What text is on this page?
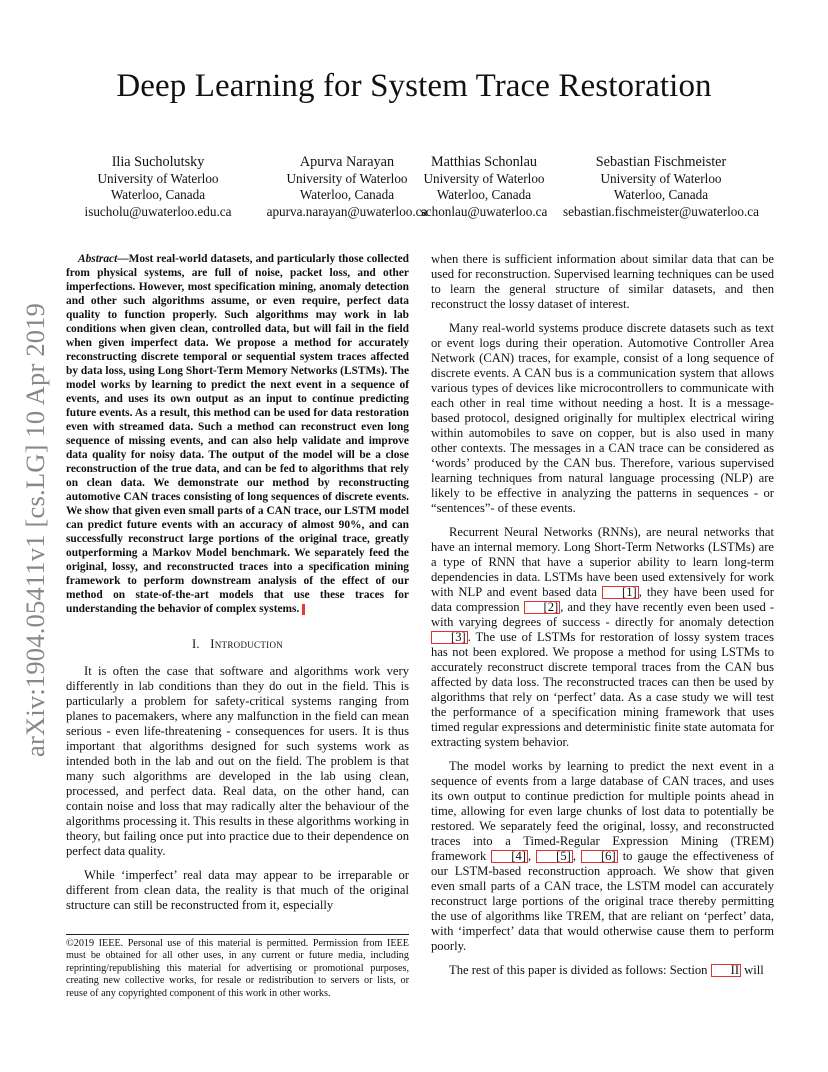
Deep Learning for System Trace Restoration
Ilia Sucholutsky
University of Waterloo
Waterloo, Canada
isucholu@uwaterloo.edu.ca
Apurva Narayan
University of Waterloo
Waterloo, Canada
apurva.narayan@uwaterloo.ca
Matthias Schonlau
University of Waterloo
Waterloo, Canada
schonlau@uwaterloo.ca
Sebastian Fischmeister
University of Waterloo
Waterloo, Canada
sebastian.fischmeister@uwaterloo.ca
arXiv:1904.05411v1 [cs.LG] 10 Apr 2019

Abstract—Most real-world datasets, and particularly those collected from physical systems, are full of noise, packet loss, and other imperfections. However, most specification mining, anomaly detection and other such algorithms assume, or even require, perfect data quality to function properly. Such algorithms may work in lab conditions when given clean, controlled data, but will fail in the field when given imperfect data. We propose a method for accurately reconstructing discrete temporal or sequential system traces affected by data loss, using Long Short-Term Memory Networks (LSTMs). The model works by learning to predict the next event in a sequence of events, and uses its own output as an input to continue predicting future events. As a result, this method can be used for data restoration even with streamed data. Such a method can reconstruct even long sequence of missing events, and can also help validate and improve data quality for noisy data. The output of the model will be a close reconstruction of the true data, and can be fed to algorithms that rely on clean data. We demonstrate our method by reconstructing automotive CAN traces consisting of long sequences of discrete events. We show that given even small parts of a CAN trace, our LSTM model can predict future events with an accuracy of almost 90%, and can successfully reconstruct large portions of the original trace, greatly outperforming a Markov Model benchmark. We separately feed the original, lossy, and reconstructed traces into a specification mining framework to perform downstream analysis of the effect of our method on state-of-the-art models that use these traces for understanding the behavior of complex systems.

I. Introduction

It is often the case that software and algorithms work very differently in lab conditions than they do out in the field. This is particularly a problem for safety-critical systems ranging from planes to pacemakers, where any malfunction in the field can mean serious - even life-threatening - consequences for users. It is thus important that algorithms designed for such systems work as intended both in the lab and out on the field. The problem is that many such algorithms are developed in the lab using clean, processed, and perfect data. Real data, on the other hand, can contain noise and loss that may radically alter the behaviour of the algorithms processing it. This results in these algorithms working in theory, but failing once put into practice due to their dependence on perfect data quality.

While ‘imperfect’ real data may appear to be irreparable or different from clean data, the reality is that much of the original structure can still be reconstructed from it, especially

©2019 IEEE. Personal use of this material is permitted. Permission from IEEE must be obtained for all other uses, in any current or future media, including reprinting/republishing this material for advertising or promotional purposes, creating new collective works, for resale or redistribution to servers or lists, or reuse of any copyrighted component of this work in other works.

when there is sufficient information about similar data that can be used for reconstruction. Supervised learning techniques can be used to learn the general structure of similar datasets, and then reconstruct the lossy dataset of interest.

Many real-world systems produce discrete datasets such as text or event logs during their operation. Automotive Controller Area Network (CAN) traces, for example, consist of a long sequence of discrete events. A CAN bus is a communication system that allows various types of devices like microcontrollers to communicate with each other in real time without needing a host. It is a message-based protocol, designed originally for multiplex electrical wiring within automobiles to save on copper, but is also used in many other contexts. The messages in a CAN trace can be considered as ‘words’ produced by the CAN bus. Therefore, various supervised learning techniques from natural language processing (NLP) are likely to be effective in analyzing the patterns in sequences - or “sentences”- of these events.

Recurrent Neural Networks (RNNs), are neural networks that have an internal memory. Long Short-Term Networks (LSTMs) are a type of RNN that have a superior ability to learn long-term dependencies in data. LSTMs have been used extensively for work with NLP and event based data [1] , they have been used for data compression [2] , and they have recently even been used - with varying degrees of success - directly for anomaly detection [3] . The use of LSTMs for restoration of lossy system traces has not been explored. We propose a method for using LSTMs to accurately reconstruct discrete temporal traces from the CAN bus affected by data loss. The reconstructed traces can then be used by algorithms that rely on ‘perfect’ data. As a case study we will test the performance of a specification mining framework that uses timed regular expressions and deterministic finite state automata for extracting system behavior.

The model works by learning to predict the next event in a sequence of events from a large database of CAN traces, and uses its own output to continue prediction for multiple points ahead in time, allowing for even large chunks of lost data to potentially be restored. We separately feed the original, lossy, and reconstructed traces into a Timed-Regular Expression Mining (TREM) framework [4] , [5] , [6] to gauge the effectiveness of our LSTM-based reconstruction approach. We show that given even small parts of a CAN trace, the LSTM model can accurately reconstruct large portions of the original trace thereby permitting the use of algorithms like TREM, that are reliant on ‘perfect’ data, with ‘imperfect’ data that would otherwise cause them to perform poorly.

The rest of this paper is divided as follows: Section II will
